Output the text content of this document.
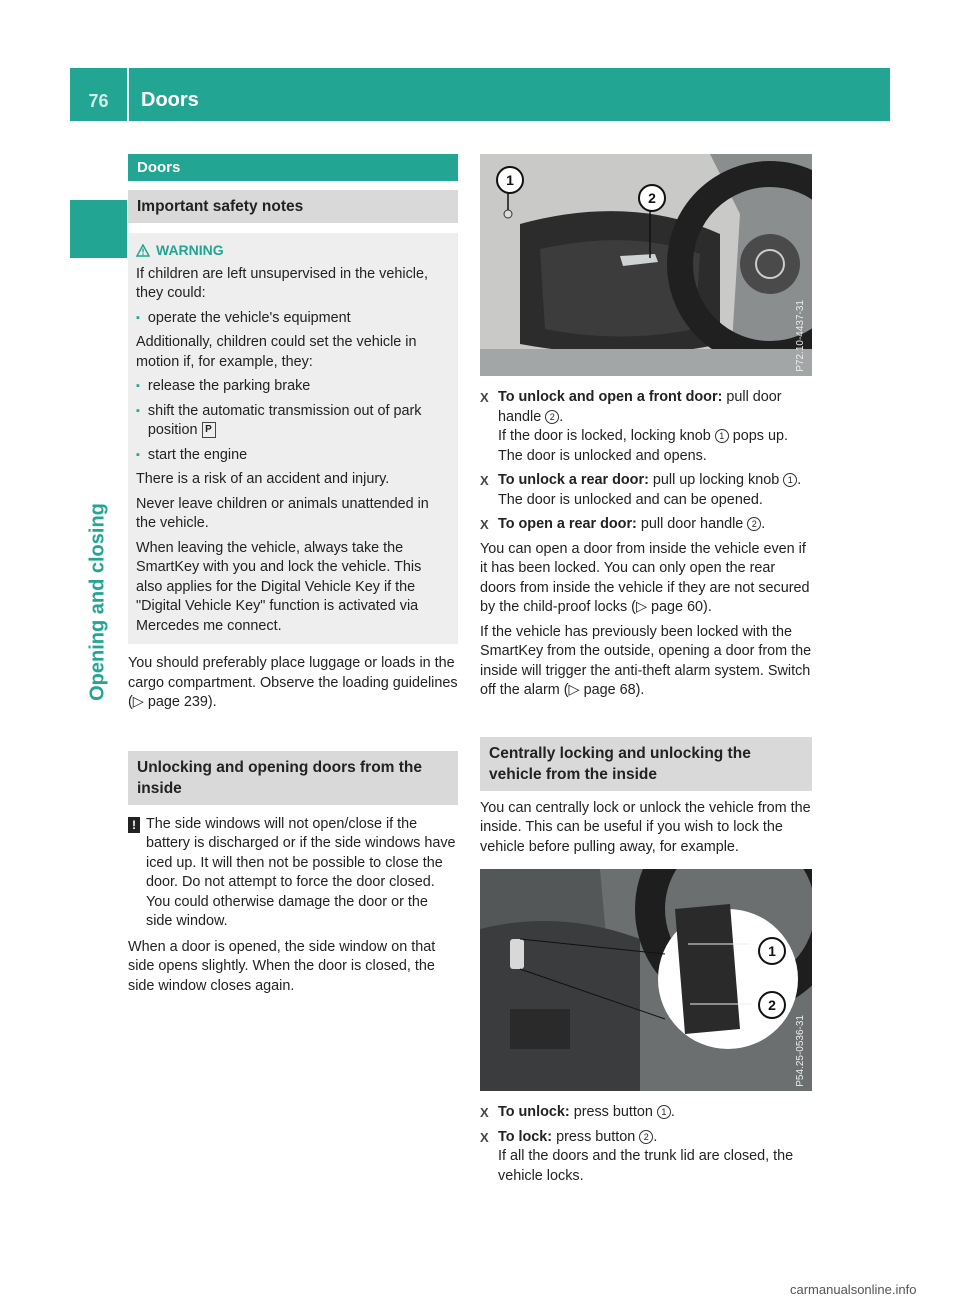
76	Doors
Opening and closing
Doors
Important safety notes
WARNING

If children are left unsupervised in the vehicle, they could:

▪ operate the vehicle's equipment

Additionally, children could set the vehicle in motion if, for example, they:

▪ release the parking brake
▪ shift the automatic transmission out of park position P
▪ start the engine

There is a risk of an accident and injury.

Never leave children or animals unattended in the vehicle.

When leaving the vehicle, always take the SmartKey with you and lock the vehicle. This also applies for the Digital Vehicle Key if the "Digital Vehicle Key" function is activated via Mercedes me connect.

You should preferably place luggage or loads in the cargo compartment. Observe the loading guidelines (▷ page 239).

Unlocking and opening doors from the inside
! The side windows will not open/close if the battery is discharged or if the side windows have iced up. It will then not be possible to close the door. Do not attempt to force the door closed. You could otherwise damage the door or the side window.

When a door is opened, the side window on that side opens slightly. When the door is closed, the side window closes again.

1
2
P72.10-4437-31
X To unlock and open a front door: pull door handle 2 .
If the door is locked, locking knob 1 pops up. The door is unlocked and opens.
X To unlock a rear door: pull up locking knob 1 .
The door is unlocked and can be opened.
X To open a rear door: pull door handle 2 .

You can open a door from inside the vehicle even if it has been locked. You can only open the rear doors from inside the vehicle if they are not secured by the child-proof locks (▷ page 60).

If the vehicle has previously been locked with the SmartKey from the outside, opening a door from the inside will trigger the anti-theft alarm system. Switch off the alarm (▷ page 68).

Centrally locking and unlocking the vehicle from the inside

You can centrally lock or unlock the vehicle from the inside. This can be useful if you wish to lock the vehicle before pulling away, for example.

1
2
P54.25-0536-31
X To unlock: press button 1 .
X To lock: press button 2 .
If all the doors and the trunk lid are closed, the vehicle locks.
carmanualsonline.info
